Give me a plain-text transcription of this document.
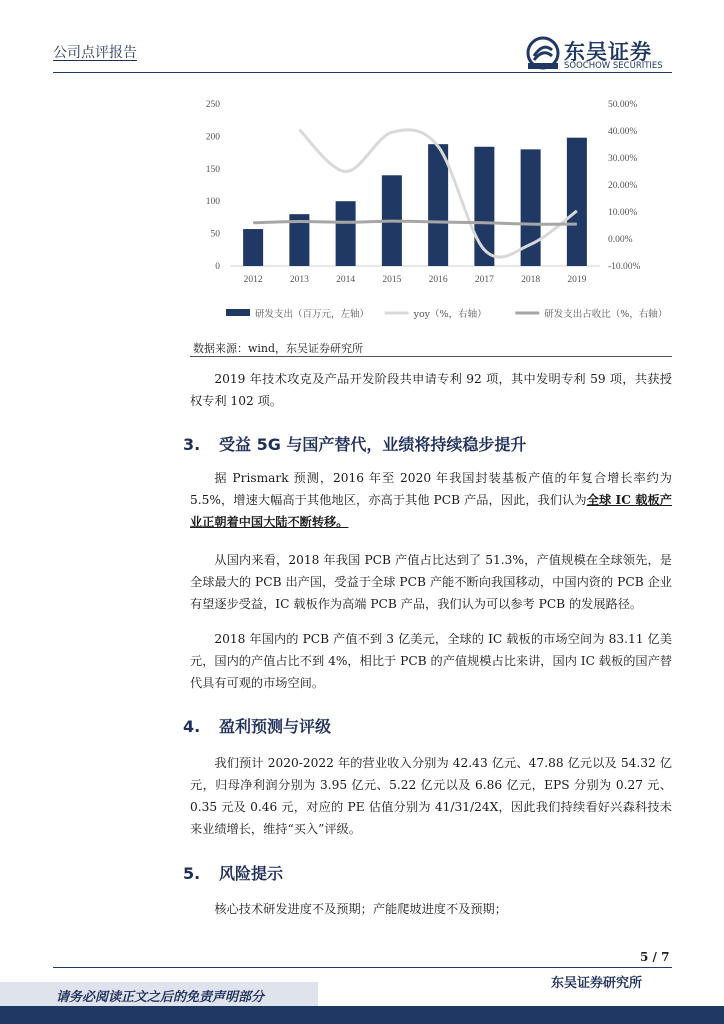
公司点评报告	东吴证券
SOOCHOW SECURITIES
250
200
150
100
50
0
50.00%
40.00%
30.00%
20.00%
10.00%
0.00%
-10.00%
2012	2013	2014	2015	2016	2017	2018	2019
研发支出（百万元，左轴）	yoy（%，右轴）	研发支出占收比（%，右轴）
数据来源：wind，东吴证券研究所
2019 年技术攻克及产品开发阶段共申请专利 92 项，其中发明专利 59 项，共获授权专利 102 项。
3. 受益 5G 与国产替代，业绩将持续稳步提升
据 Prismark 预测，2016 年至 2020 年我国封装基板产值的年复合增长率约为 5.5%，增速大幅高于其他地区，亦高于其他 PCB 产品，因此，我们认为全球 IC 载板产业正朝着中国大陆不断转移。
从国内来看，2018 年我国 PCB 产值占比达到了 51.3%，产值规模在全球领先，是全球最大的 PCB 出产国，受益于全球 PCB 产能不断向我国移动，中国内资的 PCB 企业有望逐步受益，IC 载板作为高端 PCB 产品，我们认为可以参考 PCB 的发展路径。
2018 年国内的 PCB 产值不到 3 亿美元，全球的 IC 载板的市场空间为 83.11 亿美元，国内的产值占比不到 4%，相比于 PCB 的产值规模占比来讲，国内 IC 载板的国产替代具有可观的市场空间。
4. 盈利预测与评级
我们预计 2020-2022 年的营业收入分别为 42.43 亿元、47.88 亿元以及 54.32 亿元，归母净利润分别为 3.95 亿元、5.22 亿元以及 6.86 亿元，EPS 分别为 0.27 元、0.35 元及 0.46 元，对应的 PE 估值分别为 41/31/24X，因此我们持续看好兴森科技未来业绩增长，维持“买入”评级。
5. 风险提示
核心技术研发进度不及预期；产能爬坡进度不及预期；
5 / 7
东吴证券研究所
请务必阅读正文之后的免责声明部分
